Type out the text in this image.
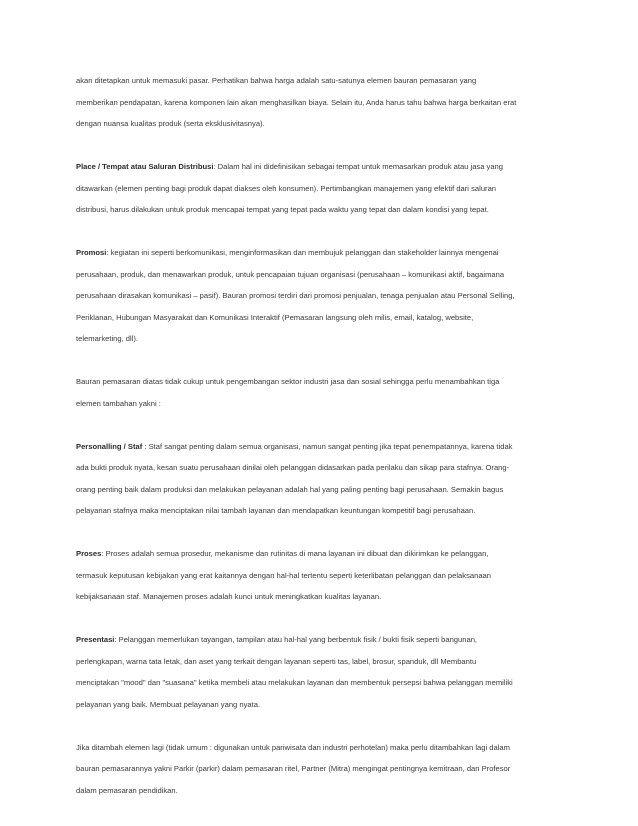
akan ditetapkan untuk memasuki pasar. Perhatikan bahwa harga adalah satu-satunya elemen bauran pemasaran yang
memberikan pendapatan, karena komponen lain akan menghasilkan biaya. Selain itu, Anda harus tahu bahwa harga berkaitan erat
dengan nuansa kualitas produk (serta eksklusivitasnya).
Place / Tempat atau Saluran Distribusi: Dalam hal ini didefinisikan sebagai tempat untuk memasarkan produk atau jasa yang
ditawarkan (elemen penting bagi produk dapat diakses oleh konsumen). Pertimbangkan manajemen yang efektif dari saluran
distribusi, harus dilakukan untuk produk mencapai tempat yang tepat pada waktu yang tepat dan dalam kondisi yang tepat.
Promosi: kegiatan ini seperti berkomunikasi, menginformasikan dan membujuk pelanggan dan stakeholder lainnya mengenai
perusahaan, produk, dan menawarkan produk, untuk pencapaian tujuan organisasi (perusahaan – komunikasi aktif, bagaimana
perusahaan dirasakan komunikasi – pasif). Bauran promosi terdiri dari promosi penjualan, tenaga penjualan atau Personal Selling,
Periklanan, Hubungan Masyarakat dan Komunikasi Interaktif (Pemasaran langsung oleh milis, email, katalog, website,
telemarketing, dll).
Bauran pemasaran diatas tidak cukup untuk pengembangan sektor industri jasa dan sosial sehingga perlu menambahkan tiga
elemen tambahan yakni :
Personalling / Staf : Staf sangat penting dalam semua organisasi, namun sangat penting jika tepat penempatannya, karena tidak
ada bukti produk nyata, kesan suatu perusahaan dinilai oleh pelanggan didasarkan pada perilaku dan sikap para stafnya. Orang-
orang penting baik dalam produksi dan melakukan pelayanan adalah hal yang paling penting bagi perusahaan. Semakin bagus
pelayanan stafnya maka menciptakan nilai tambah layanan dan mendapatkan keuntungan kompetitif bagi perusahaan.
Proses: Proses adalah semua prosedur, mekanisme dan rutinitas di mana layanan ini dibuat dan dikirimkan ke pelanggan,
termasuk keputusan kebijakan yang erat kaitannya dengan hal-hal tertentu seperti keterlibatan pelanggan dan pelaksanaan
kebijaksanaan staf. Manajemen proses adalah kunci untuk meningkatkan kualitas layanan.
Presentasi: Pelanggan memerlukan tayangan, tampilan atau hal-hal yang berbentuk fisik / bukti fisik seperti bangunan,
perlengkapan, warna tata letak, dan aset yang terkait dengan layanan seperti tas, label, brosur, spanduk, dll Membantu
menciptakan "mood" dan "suasana" ketika membeli atau melakukan layanan dan membentuk persepsi bahwa pelanggan memiliki
pelayanan yang baik. Membuat pelayanan yang nyata.
Jika ditambah elemen lagi (tidak umum : digunakan untuk pariwisata dan industri perhotelan) maka perlu ditambahkan lagi dalam
bauran pemasarannya yakni Parkir (parkir) dalam pemasaran ritel, Partner (Mitra) mengingat pentingnya kemitraan, dan Profesor
dalam pemasaran pendidikan.
